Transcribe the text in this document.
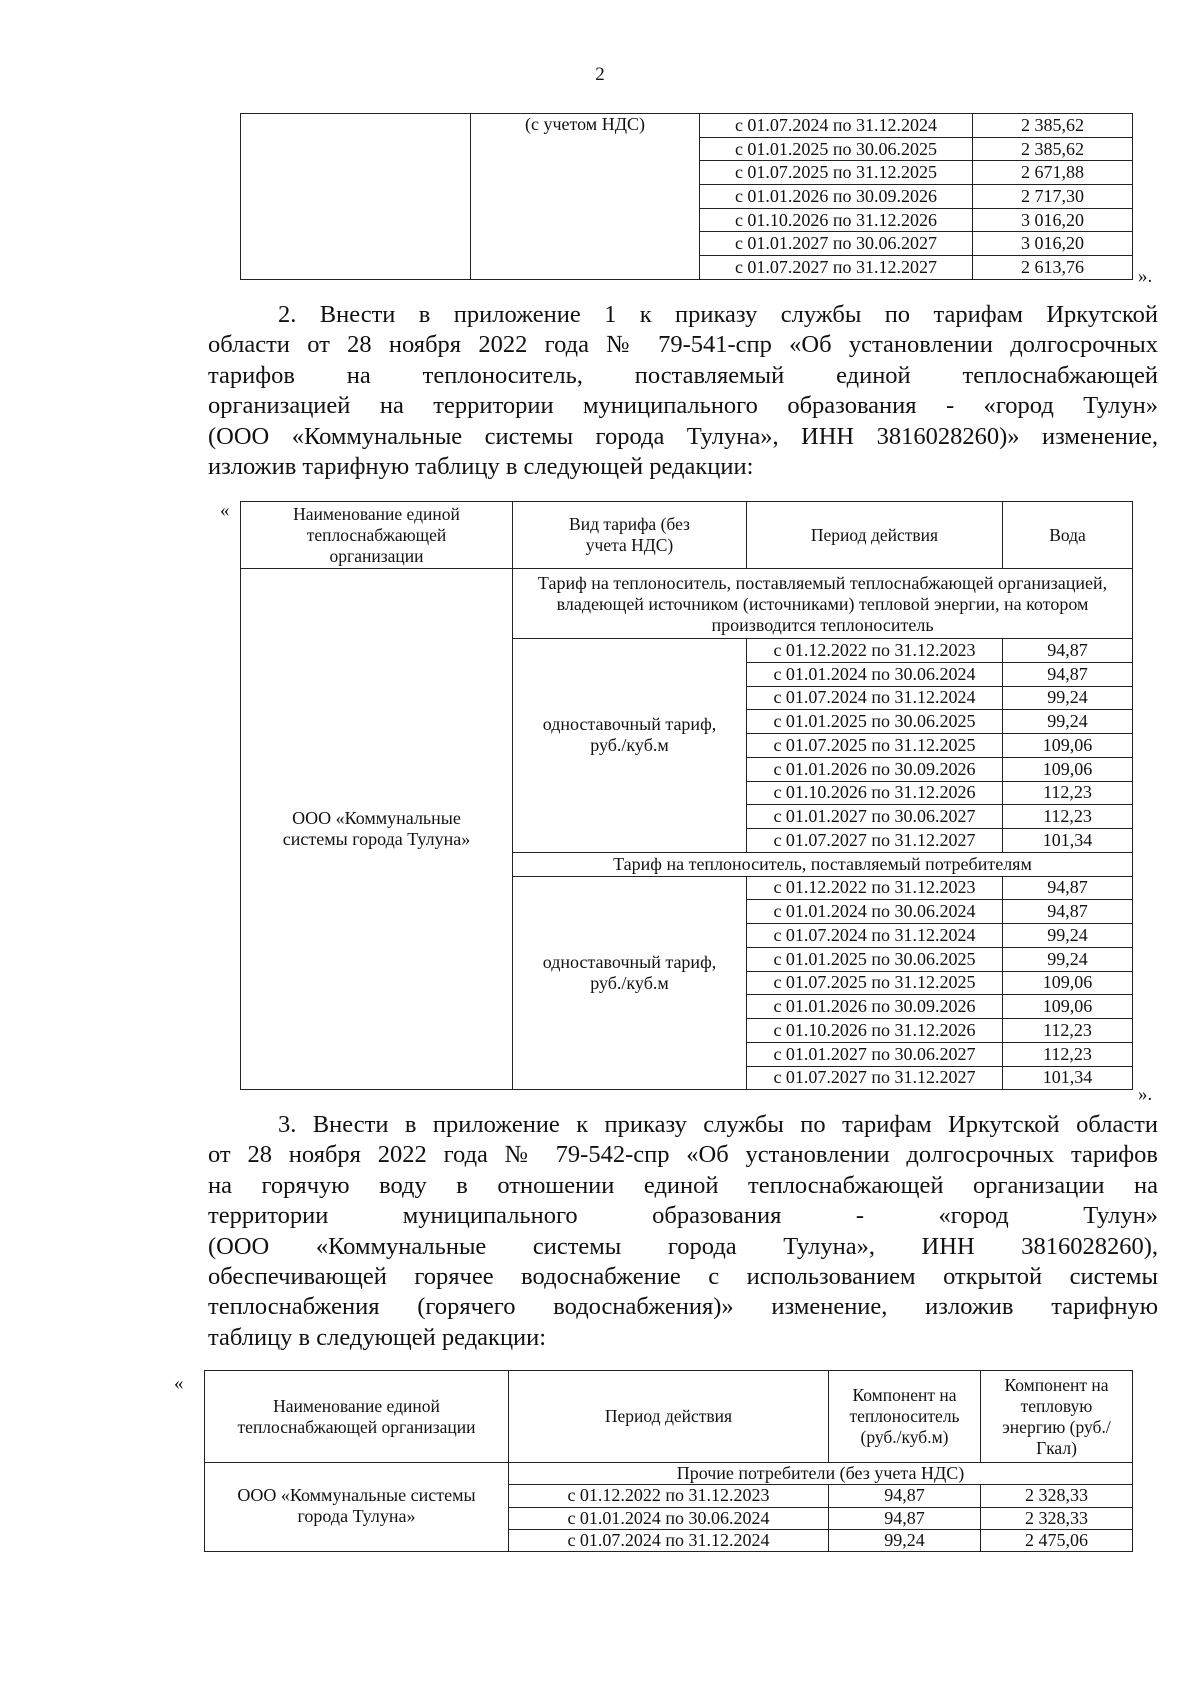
2
	(с учетом НДС)	с 01.07.2024 по 31.12.2024	2 385,62
		с 01.01.2025 по 30.06.2025	2 385,62
		с 01.07.2025 по 31.12.2025	2 671,88
		с 01.01.2026 по 30.09.2026	2 717,30
		с 01.10.2026 по 31.12.2026	3 016,20
		с 01.01.2027 по 30.06.2027	3 016,20
		с 01.07.2027 по 31.12.2027	2 613,76	».
2. Внести в приложение 1 к приказу службы по тарифам Иркутской
области от 28 ноября 2022 года № 79-541-спр «Об установлении долгосрочных
тарифов на теплоноситель, поставляемый единой теплоснабжающей
организацией на территории муниципального образования - «город Тулун»
(ООО «Коммунальные системы города Тулуна», ИНН 3816028260)» изменение,
изложив тарифную таблицу в следующей редакции:
«	Наименование единой теплоснабжающей организации	Вид тарифа (без учета НДС)	Период действия	Вода
ООО «Коммунальные системы города Тулуна»	Тариф на теплоноситель, поставляемый теплоснабжающей организацией, владеющей источником (источниками) тепловой энергии, на котором производится теплоноситель		
	одноставочный тариф, руб./куб.м	с 01.12.2022 по 31.12.2023	94,87
		с 01.01.2024 по 30.06.2024	94,87
		с 01.07.2024 по 31.12.2024	99,24
		с 01.01.2025 по 30.06.2025	99,24
		с 01.07.2025 по 31.12.2025	109,06
		с 01.01.2026 по 30.09.2026	109,06
		с 01.10.2026 по 31.12.2026	112,23
		с 01.01.2027 по 30.06.2027	112,23
		с 01.07.2027 по 31.12.2027	101,34
	Тариф на теплоноситель, поставляемый потребителям		
	одноставочный тариф, руб./куб.м	с 01.12.2022 по 31.12.2023	94,87
		с 01.01.2024 по 30.06.2024	94,87
		с 01.07.2024 по 31.12.2024	99,24
		с 01.01.2025 по 30.06.2025	99,24
		с 01.07.2025 по 31.12.2025	109,06
		с 01.01.2026 по 30.09.2026	109,06
		с 01.10.2026 по 31.12.2026	112,23
		с 01.01.2027 по 30.06.2027	112,23
		с 01.07.2027 по 31.12.2027	101,34
».
3. Внести в приложение к приказу службы по тарифам Иркутской области
от 28 ноября 2022 года № 79-542-спр «Об установлении долгосрочных тарифов
на горячую воду в отношении единой теплоснабжающей организации на
территории муниципального образования - «город Тулун»
(ООО «Коммунальные системы города Тулуна», ИНН 3816028260),
обеспечивающей горячее водоснабжение с использованием открытой системы
теплоснабжения (горячего водоснабжения)» изменение, изложив тарифную
таблицу в следующей редакции:
«
Наименование единой теплоснабжающей организации	Период действия	Компонент на теплоноситель (руб./куб.м)	Компонент на тепловую энергию (руб./Гкал)
ООО «Коммунальные системы города Тулуна»	Прочие потребители (без учета НДС)		
	с 01.12.2022 по 31.12.2023	94,87	2 328,33
	с 01.01.2024 по 30.06.2024	94,87	2 328,33
	с 01.07.2024 по 31.12.2024	99,24	2 475,06
